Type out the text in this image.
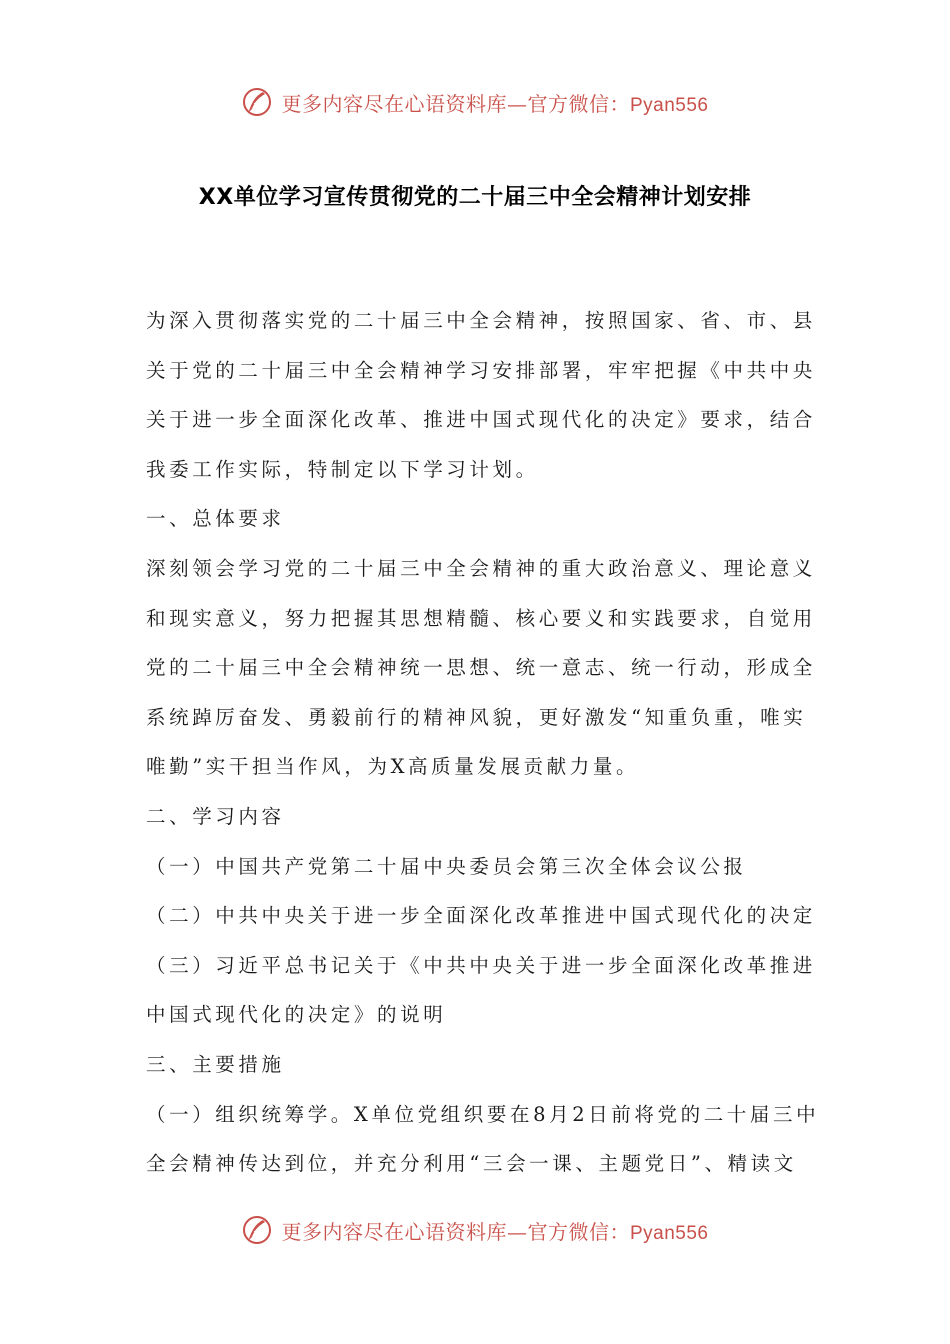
更多内容尽在心语资料库—官方微信：Pyan556
XX单位学习宣传贯彻党的二十届三中全会精神计划安排

为深入贯彻落实党的二十届三中全会精神，按照国家、省、市、县

关于党的二十届三中全会精神学习安排部署，牢牢把握《中共中央

关于进一步全面深化改革、推进中国式现代化的决定》要求，结合

我委工作实际，特制定以下学习计划。

一、总体要求

深刻领会学习党的二十届三中全会精神的重大政治意义、理论意义

和现实意义，努力把握其思想精髓、核心要义和实践要求，自觉用

党的二十届三中全会精神统一思想、统一意志、统一行动，形成全

系统踔厉奋发、勇毅前行的精神风貌，更好激发“知重负重，唯实

唯勤”实干担当作风，为X高质量发展贡献力量。

二、学习内容

（一）中国共产党第二十届中央委员会第三次全体会议公报

（二）中共中央关于进一步全面深化改革推进中国式现代化的决定

（三）习近平总书记关于《中共中央关于进一步全面深化改革推进

中国式现代化的决定》的说明

三、主要措施

（一）组织统筹学。X单位党组织要在8月2日前将党的二十届三中

全会精神传达到位，并充分利用“三会一课、主题党日”、精读文

更多内容尽在心语资料库—官方微信：Pyan556
